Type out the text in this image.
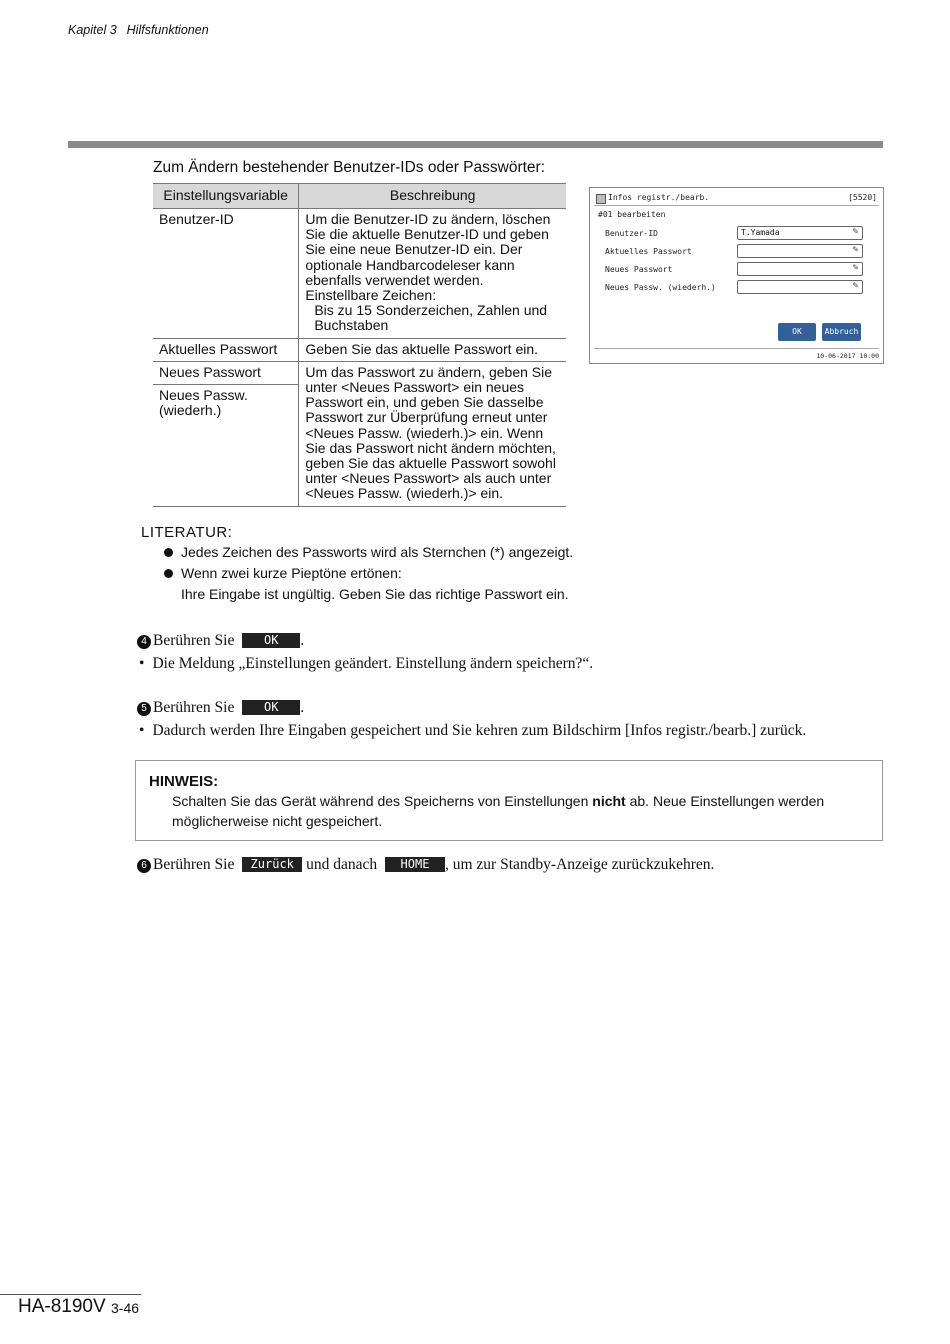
Kapitel 3 Hilfsfunktionen
Zum Ändern bestehender Benutzer-IDs oder Passwörter:
Einstellungsvariable	Beschreibung
Benutzer-ID	Um die Benutzer-ID zu ändern, löschen Sie die aktuelle Benutzer-ID und geben Sie eine neue Benutzer-ID ein. Der optionale Handbarcodeleser kann ebenfalls verwendet werden.
Einstellbare Zeichen:
Bis zu 15 Sonderzeichen, Zahlen und Buchstaben

Aktuelles Passwort	Geben Sie das aktuelle Passwort ein.

Neues Passwort
Neues Passw. (wiederh.)	Um das Passwort zu ändern, geben Sie unter <Neues Passwort> ein neues Passwort ein, und geben Sie dasselbe Passwort zur Überprüfung erneut unter <Neues Passw. (wiederh.)> ein. Wenn Sie das Passwort nicht ändern möchten, geben Sie das aktuelle Passwort sowohl unter <Neues Passwort> als auch unter <Neues Passw. (wiederh.)> ein.
Infos registr./bearb.	[5520]
#01 bearbeiten
Benutzer-ID	T.Yamada	✎
Aktuelles Passwort	✎
Neues Passwort	✎
Neues Passw. (wiederh.)	✎
OK	Abbruch
10-06-2017 10:00
LITERATUR:
Jedes Zeichen des Passworts wird als Sternchen (*) angezeigt.
Wenn zwei kurze Pieptöne ertönen:
Ihre Eingabe ist ungültig. Geben Sie das richtige Passwort ein.
4 Berühren Sie OK .
• Die Meldung „Einstellungen geändert. Einstellung ändern speichern?“.
5 Berühren Sie OK .
• Dadurch werden Ihre Eingaben gespeichert und Sie kehren zum Bildschirm [Infos registr./bearb.] zurück.
HINWEIS:
Schalten Sie das Gerät während des Speicherns von Einstellungen nicht ab. Neue Einstellungen werden möglicherweise nicht gespeichert.
6 Berühren Sie Zurück und danach HOME , um zur Standby-Anzeige zurückzukehren.
HA-8190V 3-46
